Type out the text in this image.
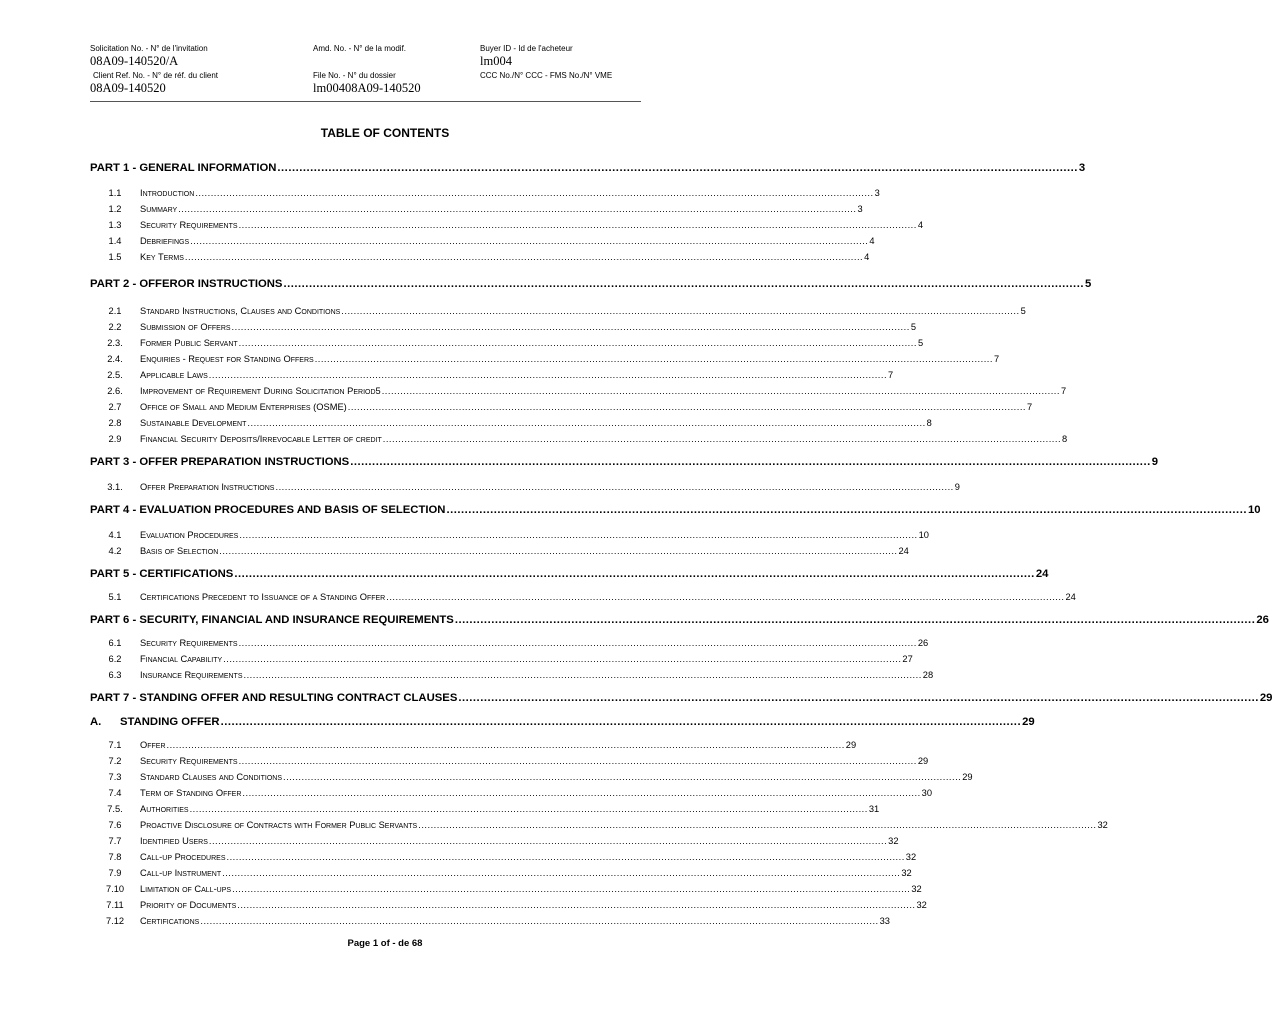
Solicitation No. - N° de l'invitation
08A09-140520/A
Amd. No. - N° de la modif.
	Buyer ID - Id de l'acheteur
lm004
Client Ref. No. - N° de réf. du client
08A09-140520
File No. - N° du dossier
lm00408A09-140520
CCC No./N° CCC - FMS No./N° VME

TABLE OF CONTENTS
PART 1 - GENERAL INFORMATION ............................................................................................................................................................................................................................ 3
1.1	Introduction ............................................................................................................................................................................................................................ 3
1.2	Summary ............................................................................................................................................................................................................................ 3
1.3	Security Requirements ............................................................................................................................................................................................................................ 4
1.4	Debriefings ............................................................................................................................................................................................................................ 4
1.5	Key Terms ............................................................................................................................................................................................................................ 4
PART 2 - OFFEROR INSTRUCTIONS ............................................................................................................................................................................................................................ 5
2.1	Standard Instructions, Clauses and Conditions ............................................................................................................................................................................................................................ 5
2.2	Submission of Offers ............................................................................................................................................................................................................................ 5
2.3.	Former Public Servant ............................................................................................................................................................................................................................ 5
2.4.	Enquiries - Request for Standing Offers ............................................................................................................................................................................................................................ 7
2.5.	Applicable Laws ............................................................................................................................................................................................................................ 7
2.6.	Improvement of Requirement During Solicitation Period5 ............................................................................................................................................................................................................................ 7
2.7	Office of Small and Medium Enterprises (OSME) ............................................................................................................................................................................................................................ 7
2.8	Sustainable Development ............................................................................................................................................................................................................................ 8
2.9	Financial Security Deposits/Irrevocable Letter of credit ............................................................................................................................................................................................................................ 8
PART 3 - OFFER PREPARATION INSTRUCTIONS ............................................................................................................................................................................................................................ 9
3.1.	Offer Preparation Instructions ............................................................................................................................................................................................................................ 9
PART 4 - EVALUATION PROCEDURES AND BASIS OF SELECTION ............................................................................................................................................................................................................................ 10
4.1	Evaluation Procedures ............................................................................................................................................................................................................................ 10
4.2	Basis of Selection ............................................................................................................................................................................................................................ 24
PART 5 - CERTIFICATIONS ............................................................................................................................................................................................................................ 24
5.1	Certifications Precedent to Issuance of a Standing Offer ............................................................................................................................................................................................................................ 24
PART 6 - SECURITY, FINANCIAL AND INSURANCE REQUIREMENTS ............................................................................................................................................................................................................................ 26
6.1	Security Requirements ............................................................................................................................................................................................................................ 26
6.2	Financial Capability ............................................................................................................................................................................................................................ 27
6.3	Insurance Requirements ............................................................................................................................................................................................................................ 28
PART 7 - STANDING OFFER AND RESULTING CONTRACT CLAUSES ............................................................................................................................................................................................................................ 29
A.	STANDING OFFER ............................................................................................................................................................................................................................ 29
7.1	Offer ............................................................................................................................................................................................................................ 29
7.2	Security Requirements ............................................................................................................................................................................................................................ 29
7.3	Standard Clauses and Conditions ............................................................................................................................................................................................................................ 29
7.4	Term of Standing Offer ............................................................................................................................................................................................................................ 30
7.5.	Authorities ............................................................................................................................................................................................................................ 31
7.6	Proactive Disclosure of Contracts with Former Public Servants ............................................................................................................................................................................................................................ 32
7.7	Identified Users ............................................................................................................................................................................................................................ 32
7.8	Call-up Procedures ............................................................................................................................................................................................................................ 32
7.9	Call-up Instrument ............................................................................................................................................................................................................................ 32
7.10	Limitation of Call-ups ............................................................................................................................................................................................................................ 32
7.11	Priority of Documents ............................................................................................................................................................................................................................ 32
7.12	Certifications ............................................................................................................................................................................................................................ 33
Page 1 of - de 68
